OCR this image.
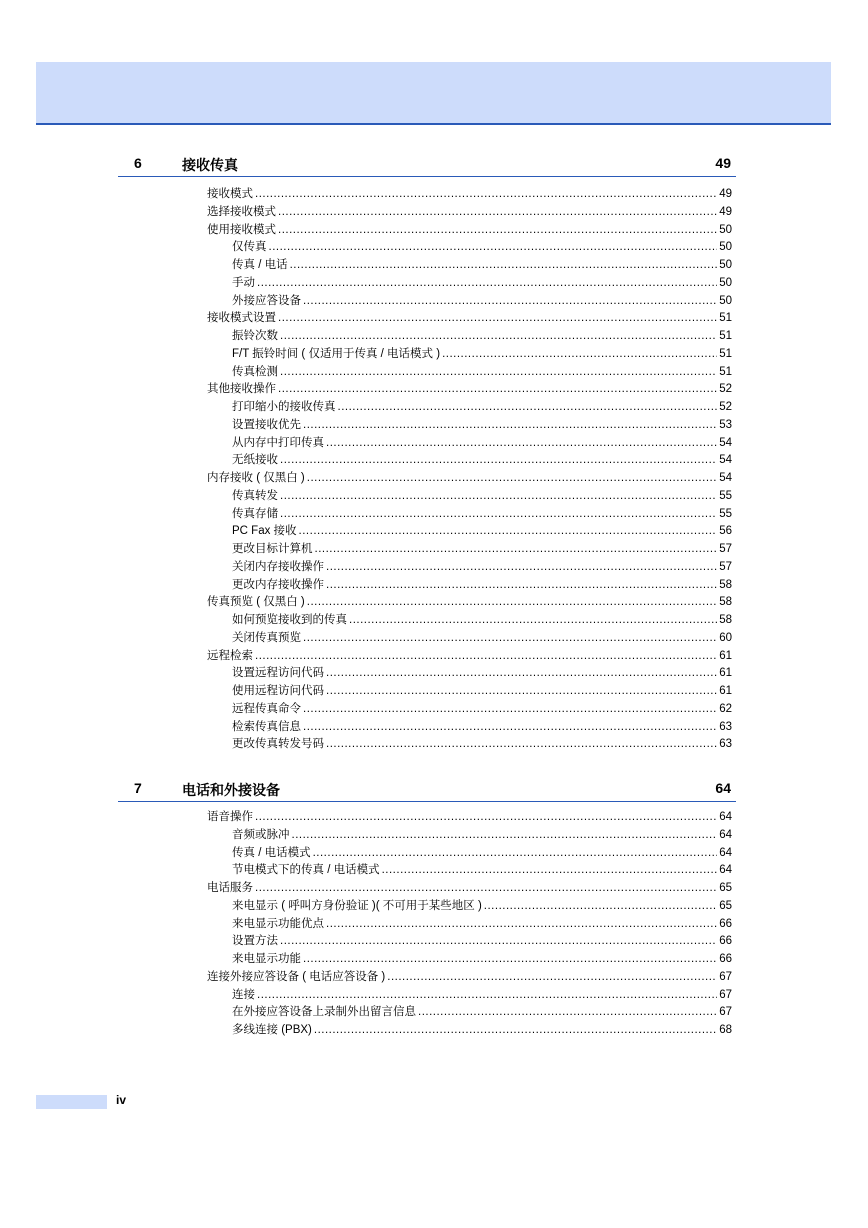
6	接收传真	49
接收模式 .....	49
选择接收模式 .....	49
使用接收模式 .....	50
仅传真 .....	50
传真 / 电话 .....	50
手动 .....	50
外接应答设备 .....	50
接收模式设置 .....	51
振铃次数 .....	51
F/T 振铃时间 ( 仅适用于传真 / 电话模式 ) .....	51
传真检测 .....	51
其他接收操作 .....	52
打印缩小的接收传真 .....	52
设置接收优先 .....	53
从内存中打印传真 .....	54
无纸接收 .....	54
内存接收 ( 仅黑白 ) .....	54
传真转发 .....	55
传真存储 .....	55
PC Fax 接收 .....	56
更改目标计算机 .....	57
关闭内存接收操作 .....	57
更改内存接收操作 .....	58
传真预览 ( 仅黑白 ) .....	58
如何预览接收到的传真 .....	58
关闭传真预览 .....	60
远程检索 .....	61
设置远程访问代码 .....	61
使用远程访问代码 .....	61
远程传真命令 .....	62
检索传真信息 .....	63
更改传真转发号码 .....	63
7	电话和外接设备	64
语音操作 .....	64
音频或脉冲 .....	64
传真 / 电话模式 .....	64
节电模式下的传真 / 电话模式 .....	64
电话服务 .....	65
来电显示 ( 呼叫方身份验证 )( 不可用于某些地区 ) .....	65
来电显示功能优点 .....	66
设置方法 .....	66
来电显示功能 .....	66
连接外接应答设备 ( 电话应答设备 ) .....	67
连接 .....	67
在外接应答设备上录制外出留言信息 .....	67
多线连接 (PBX) .....	68
iv
